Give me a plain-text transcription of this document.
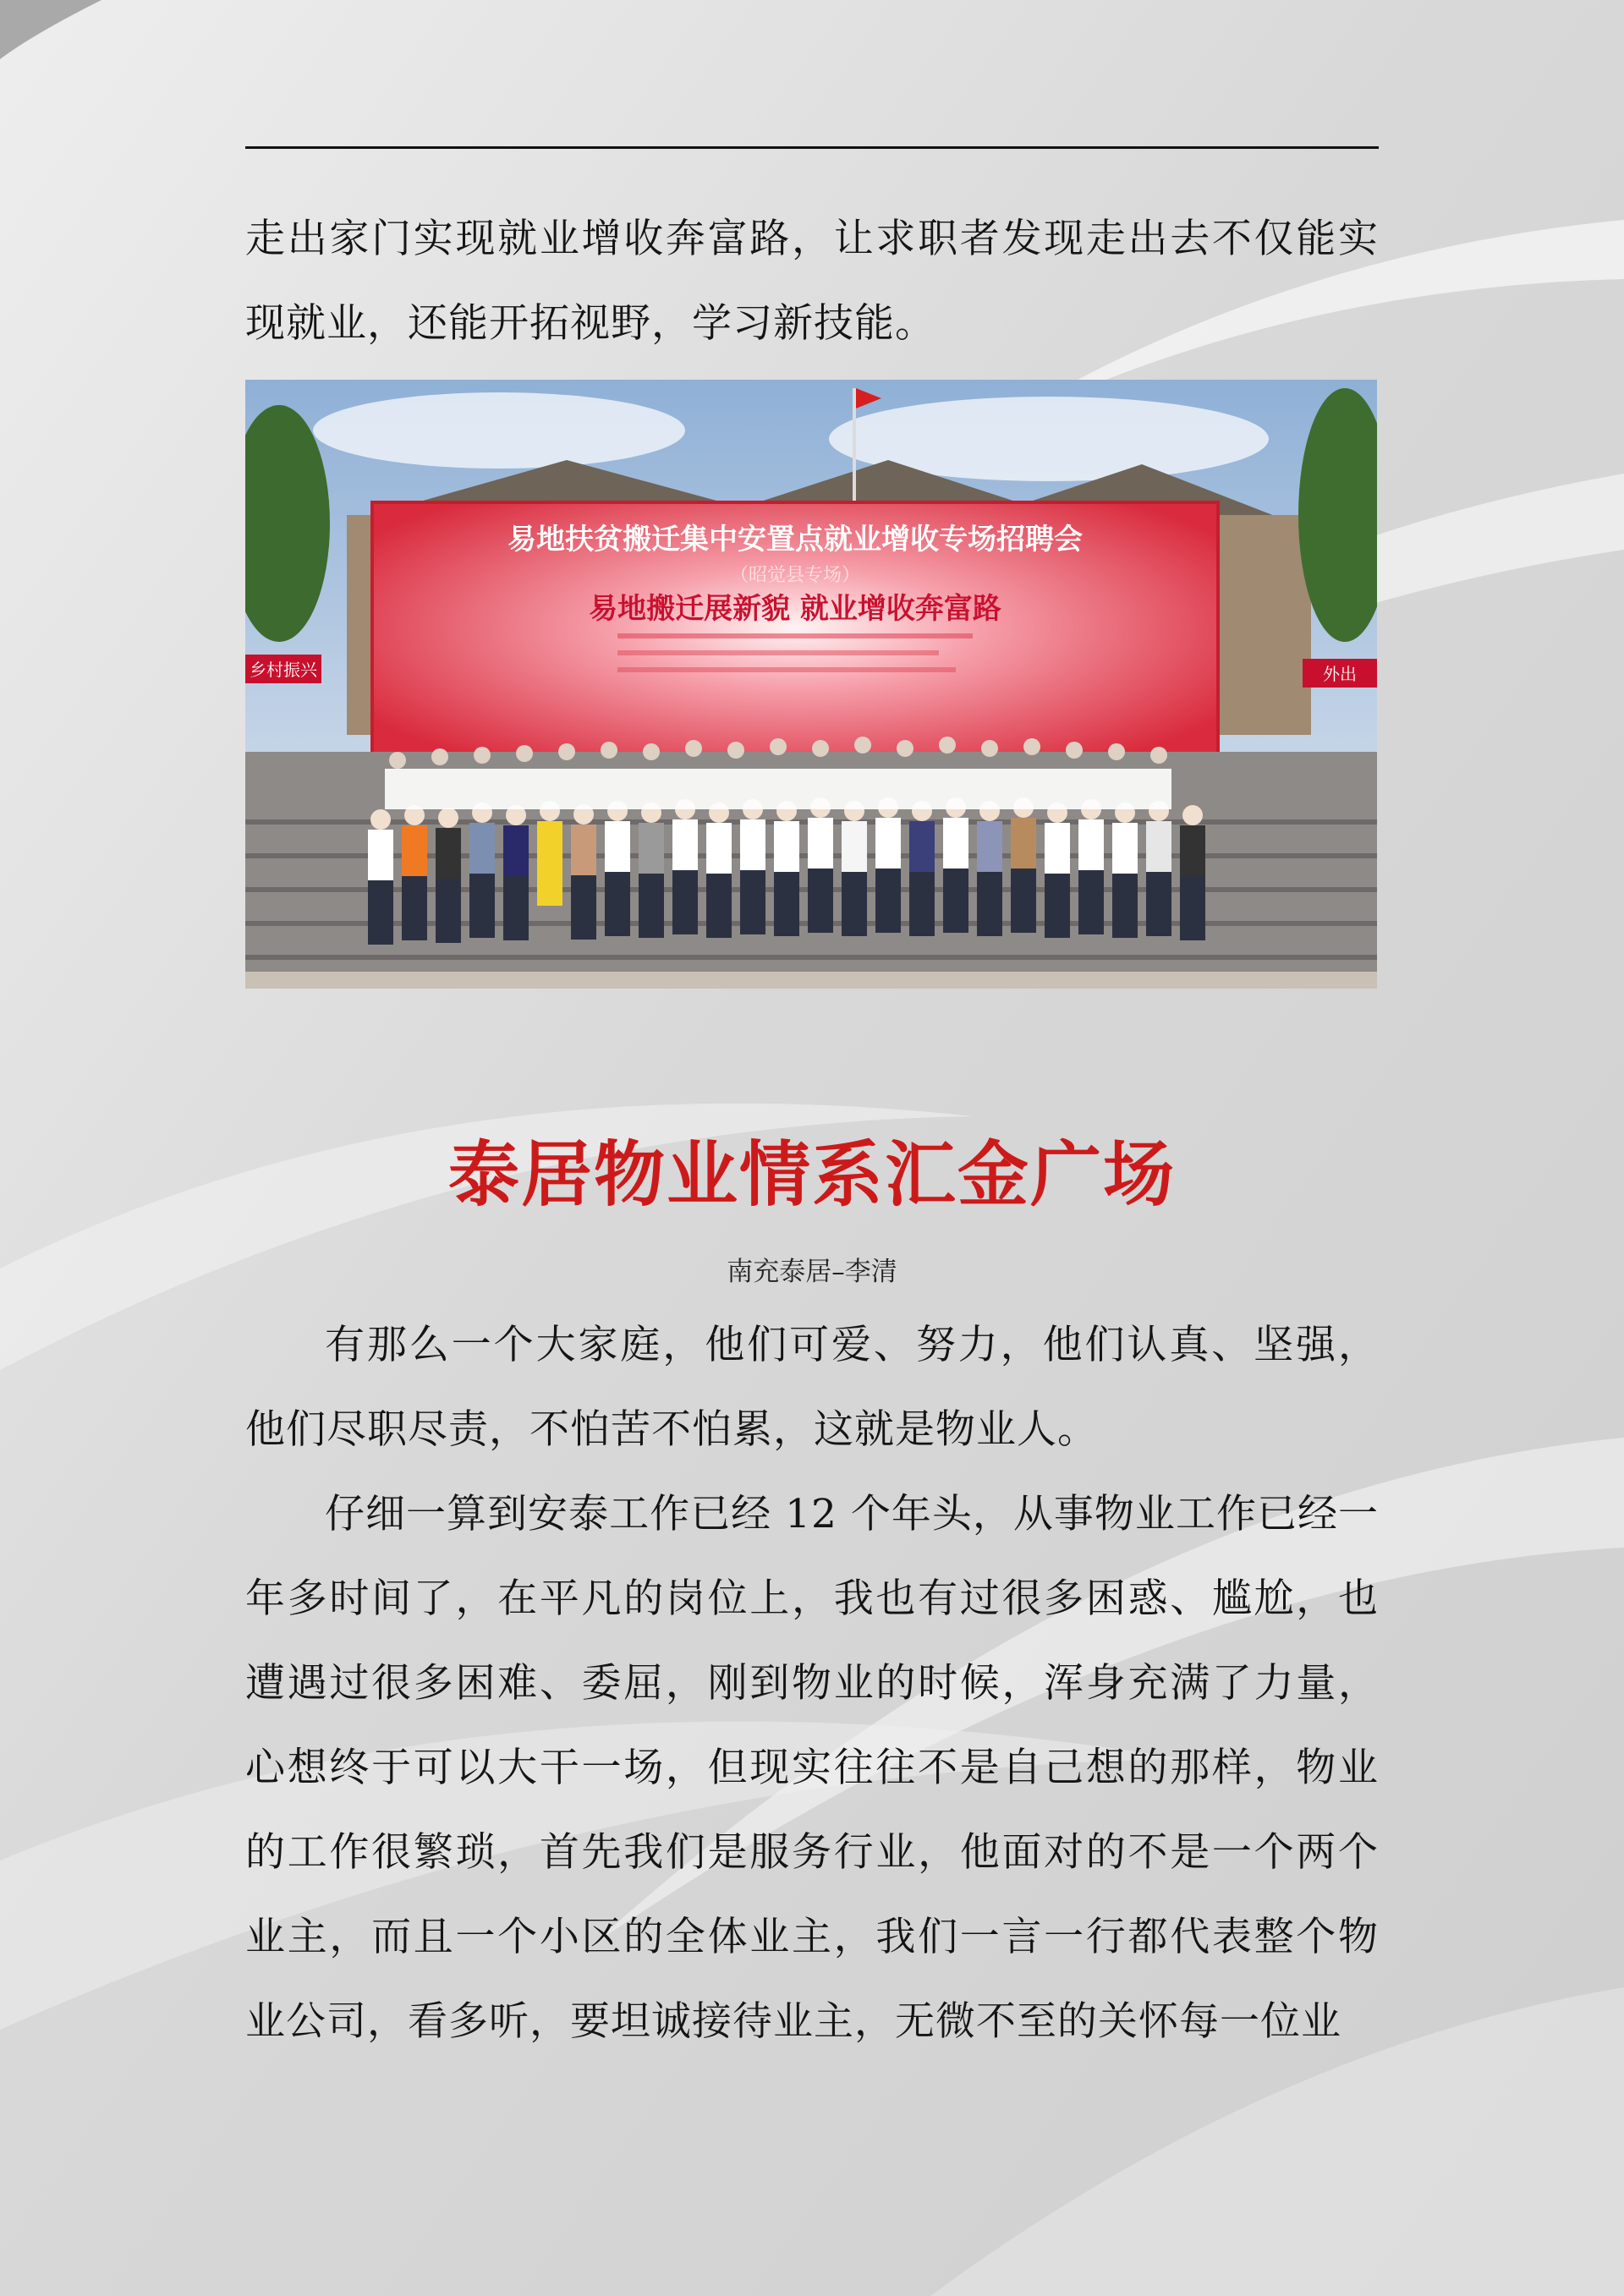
走出家门实现就业增收奔富路，让求职者发现走出去不仅能实现就业，还能开拓视野，学习新技能。

易地扶贫搬迁集中安置点就业增收专场招聘会
（昭觉县专场）
易地搬迁展新貌 就业增收奔富路
乡村振兴	外出
泰居物业情系汇金广场

南充泰居–李清

有那么一个大家庭，他们可爱、努力，他们认真、坚强，他们尽职尽责，不怕苦不怕累，这就是物业人。

仔细一算到安泰工作已经 12 个年头，从事物业工作已经一年多时间了，在平凡的岗位上，我也有过很多困惑、尴尬，也遭遇过很多困难、委屈，刚到物业的时候，浑身充满了力量，心想终于可以大干一场，但现实往往不是自己想的那样，物业的工作很繁琐，首先我们是服务行业，他面对的不是一个两个业主，而且一个小区的全体业主，我们一言一行都代表整个物业公司，看多听，要坦诚接待业主，无微不至的关怀每一位业
